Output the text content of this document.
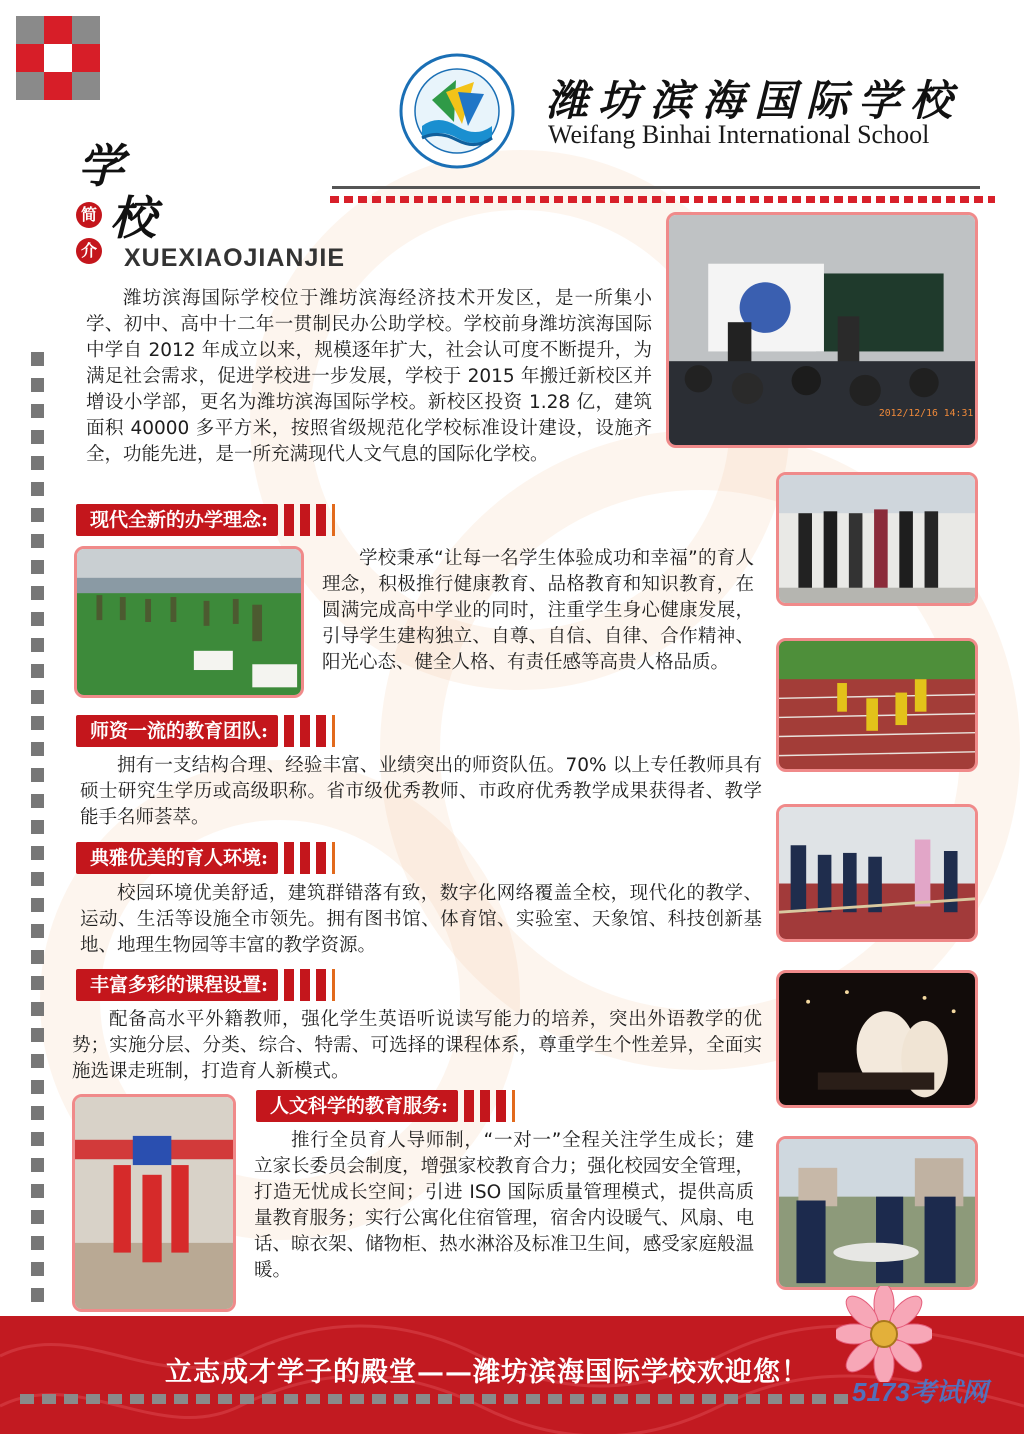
潍坊滨海国际学校
Weifang Binhai International School
学
校
简
介 XUEXIAOJIANJIE
潍坊滨海国际学校位于潍坊滨海经济技术开发区，是一所集小学、初中、高中十二年一贯制民办公助学校。学校前身潍坊滨海国际中学自 2012 年成立以来，规模逐年扩大，社会认可度不断提升，为满足社会需求，促进学校进一步发展，学校于 2015 年搬迁新校区并增设小学部，更名为潍坊滨海国际学校。新校区投资 1.28 亿，建筑面积 40000 多平方米，按照省级规范化学校标准设计建设，设施齐全，功能先进，是一所充满现代人文气息的国际化学校。
现代全新的办学理念:
学校秉承“让每一名学生体验成功和幸福”的育人理念，积极推行健康教育、品格教育和知识教育，在圆满完成高中学业的同时，注重学生身心健康发展，引导学生建构独立、自尊、自信、自律、合作精神、阳光心态、健全人格、有责任感等高贵人格品质。
师资一流的教育团队:
拥有一支结构合理、经验丰富、业绩突出的师资队伍。70% 以上专任教师具有硕士研究生学历或高级职称。省市级优秀教师、市政府优秀教学成果获得者、教学能手名师荟萃。
典雅优美的育人环境:
校园环境优美舒适，建筑群错落有致，数字化网络覆盖全校，现代化的教学、运动、生活等设施全市领先。拥有图书馆、体育馆、实验室、天象馆、科技创新基地、地理生物园等丰富的教学资源。
丰富多彩的课程设置:
配备高水平外籍教师，强化学生英语听说读写能力的培养，突出外语教学的优势；实施分层、分类、综合、特需、可选择的课程体系，尊重学生个性差异，全面实施选课走班制，打造育人新模式。
人文科学的教育服务:
推行全员育人导师制，“一对一”全程关注学生成长；建立家长委员会制度，增强家校教育合力；强化校园安全管理，打造无忧成长空间；引进 ISO 国际质量管理模式，提供高质量教育服务；实行公寓化住宿管理，宿舍内设暖气、风扇、电话、晾衣架、储物柜、热水淋浴及标准卫生间，感受家庭般温暖。
2012/12/16 14:31
立志成才学子的殿堂——潍坊滨海国际学校欢迎您！
5173考试网
